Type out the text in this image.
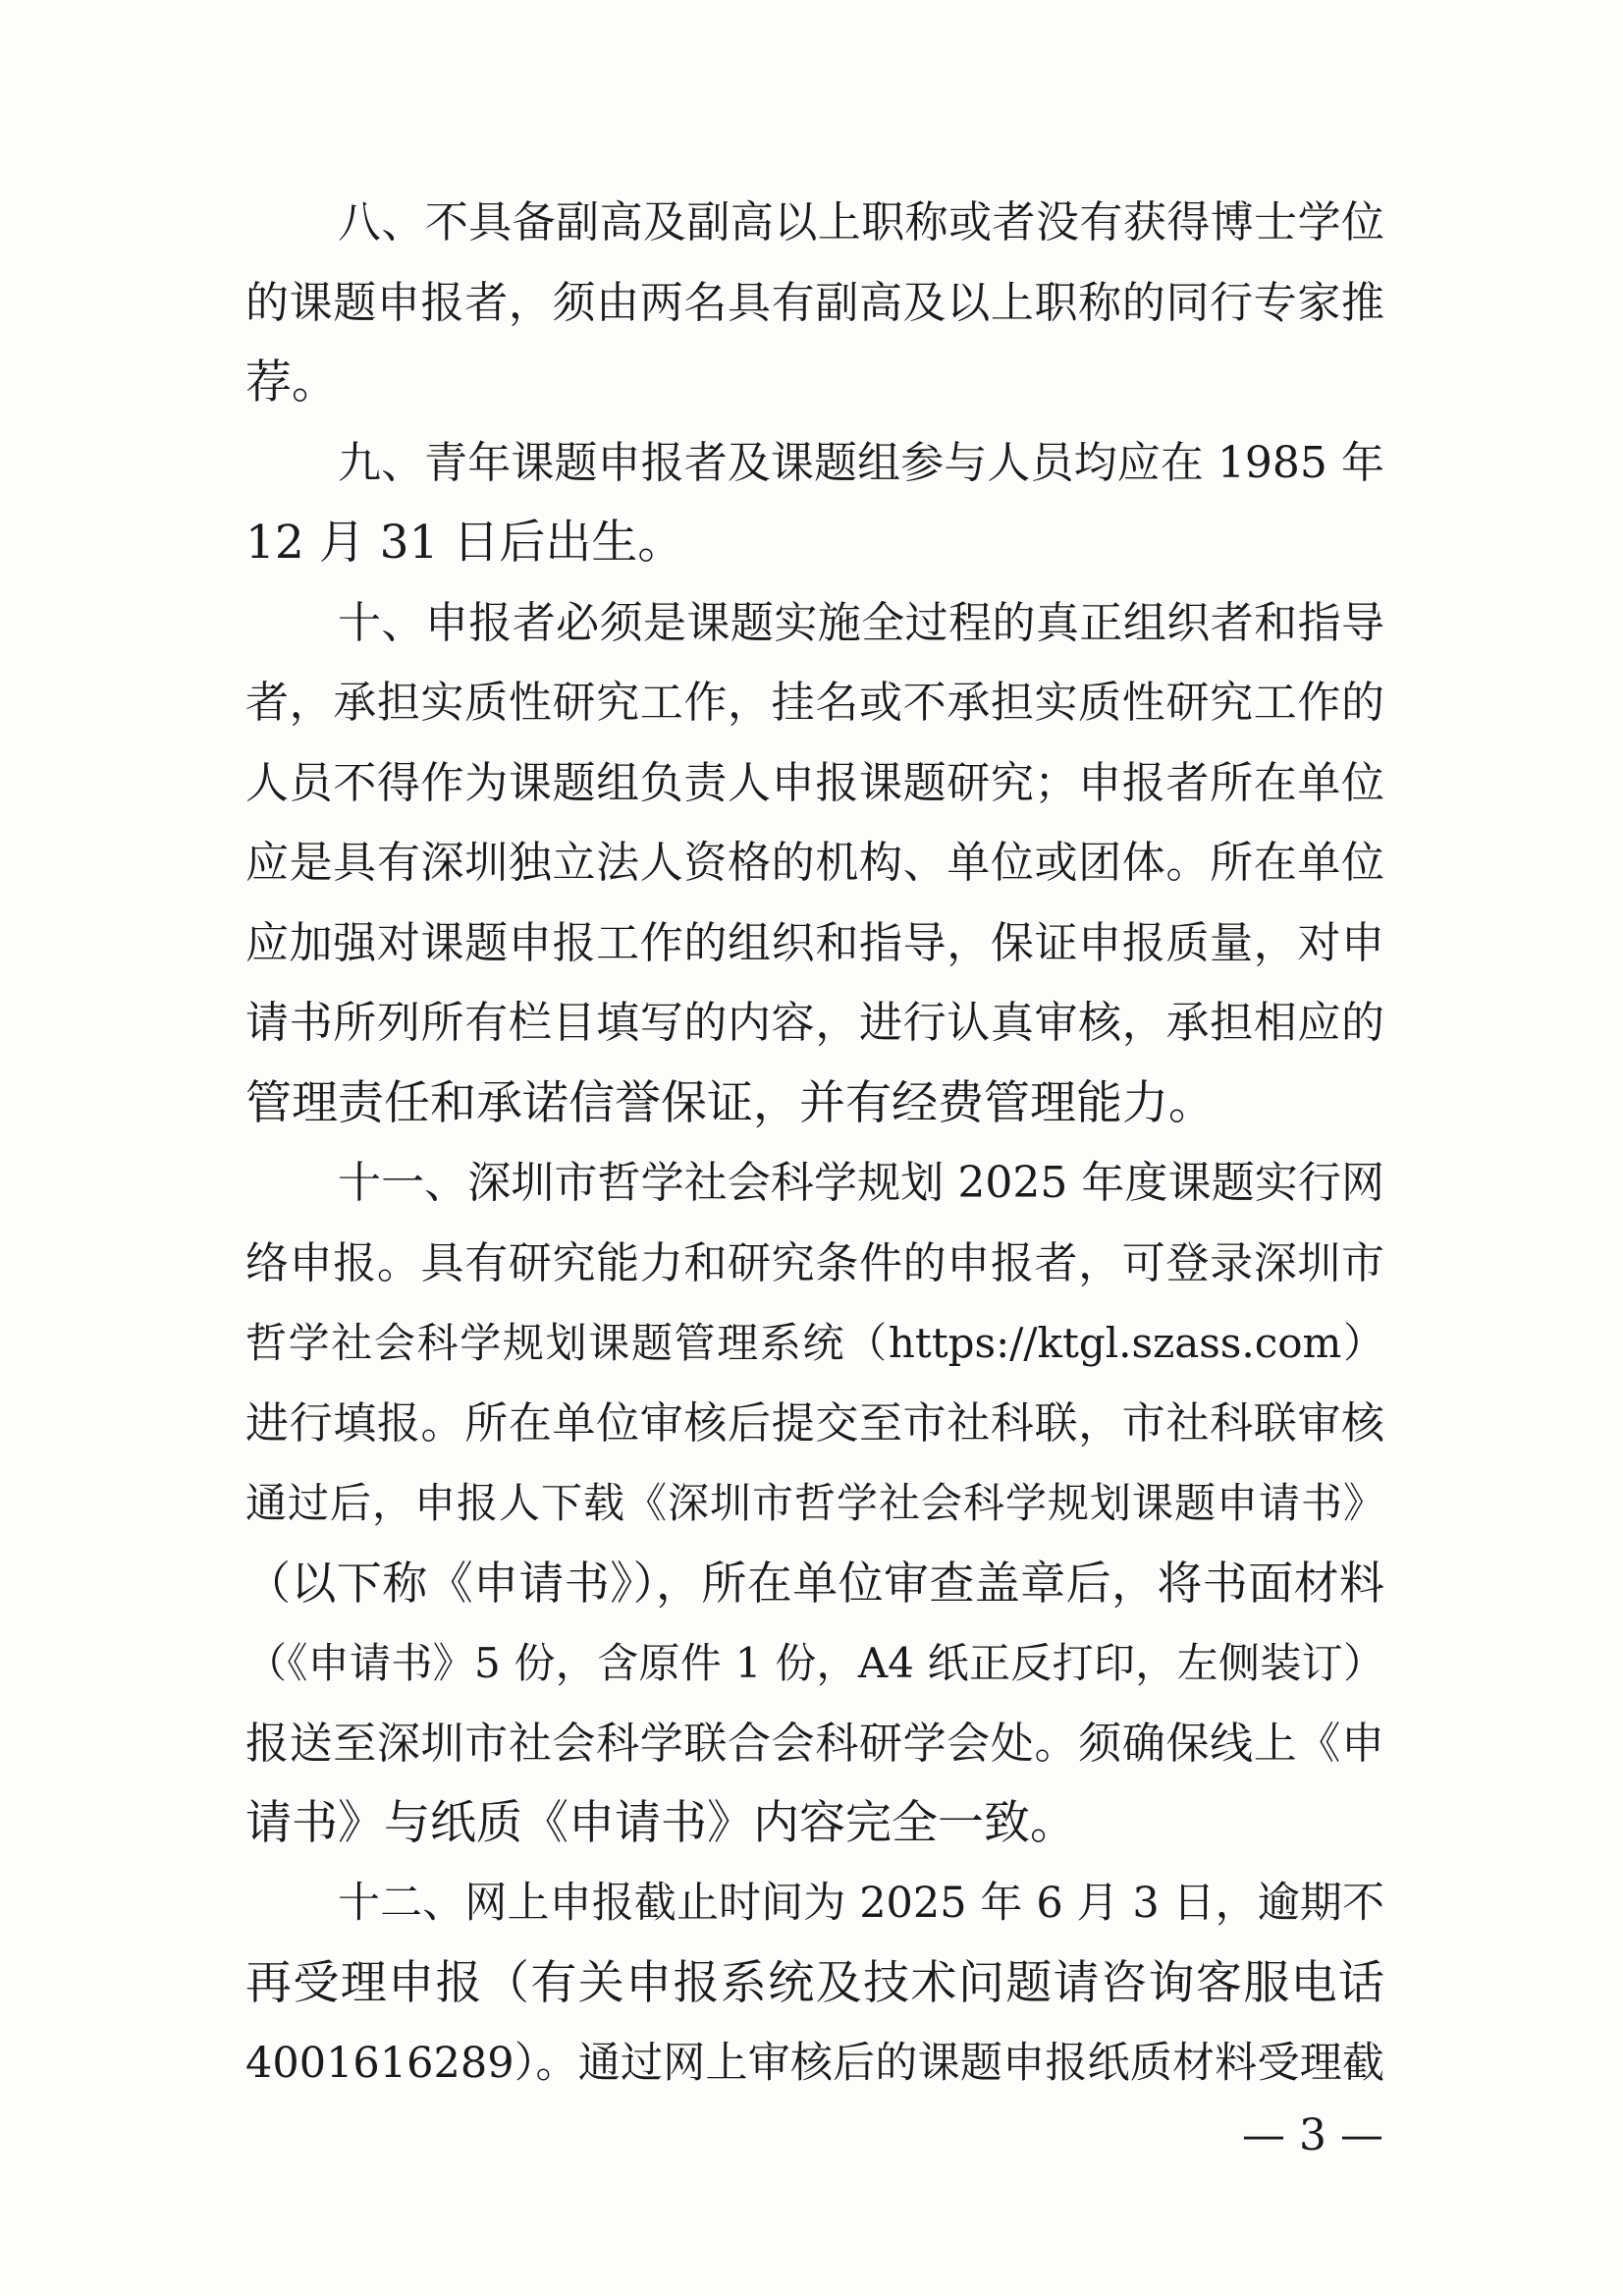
八、不具备副高及副高以上职称或者没有获得博士学位
的课题申报者，须由两名具有副高及以上职称的同行专家推
荐。
九、青年课题申报者及课题组参与人员均应在 1985 年
12 月 31 日后出生。
十、申报者必须是课题实施全过程的真正组织者和指导
者，承担实质性研究工作，挂名或不承担实质性研究工作的
人员不得作为课题组负责人申报课题研究；申报者所在单位
应是具有深圳独立法人资格的机构、单位或团体。所在单位
应加强对课题申报工作的组织和指导，保证申报质量，对申
请书所列所有栏目填写的内容，进行认真审核，承担相应的
管理责任和承诺信誉保证，并有经费管理能力。
十一、深圳市哲学社会科学规划 2025 年度课题实行网
络申报。具有研究能力和研究条件的申报者，可登录深圳市
哲学社会科学规划课题管理系统（https://ktgl.szass.com）
进行填报。所在单位审核后提交至市社科联，市社科联审核
通过后，申报人下载《深圳市哲学社会科学规划课题申请书》
（以下称《申请书》），所在单位审查盖章后，将书面材料
（《申请书》5 份，含原件 1 份，A4 纸正反打印，左侧装订）
报送至深圳市社会科学联合会科研学会处。须确保线上《申
请书》与纸质《申请书》内容完全一致。
十二、网上申报截止时间为 2025 年 6 月 3 日，逾期不
再受理申报（有关申报系统及技术问题请咨询客服电话
4001616289）。通过网上审核后的课题申报纸质材料受理截
— 3 —
